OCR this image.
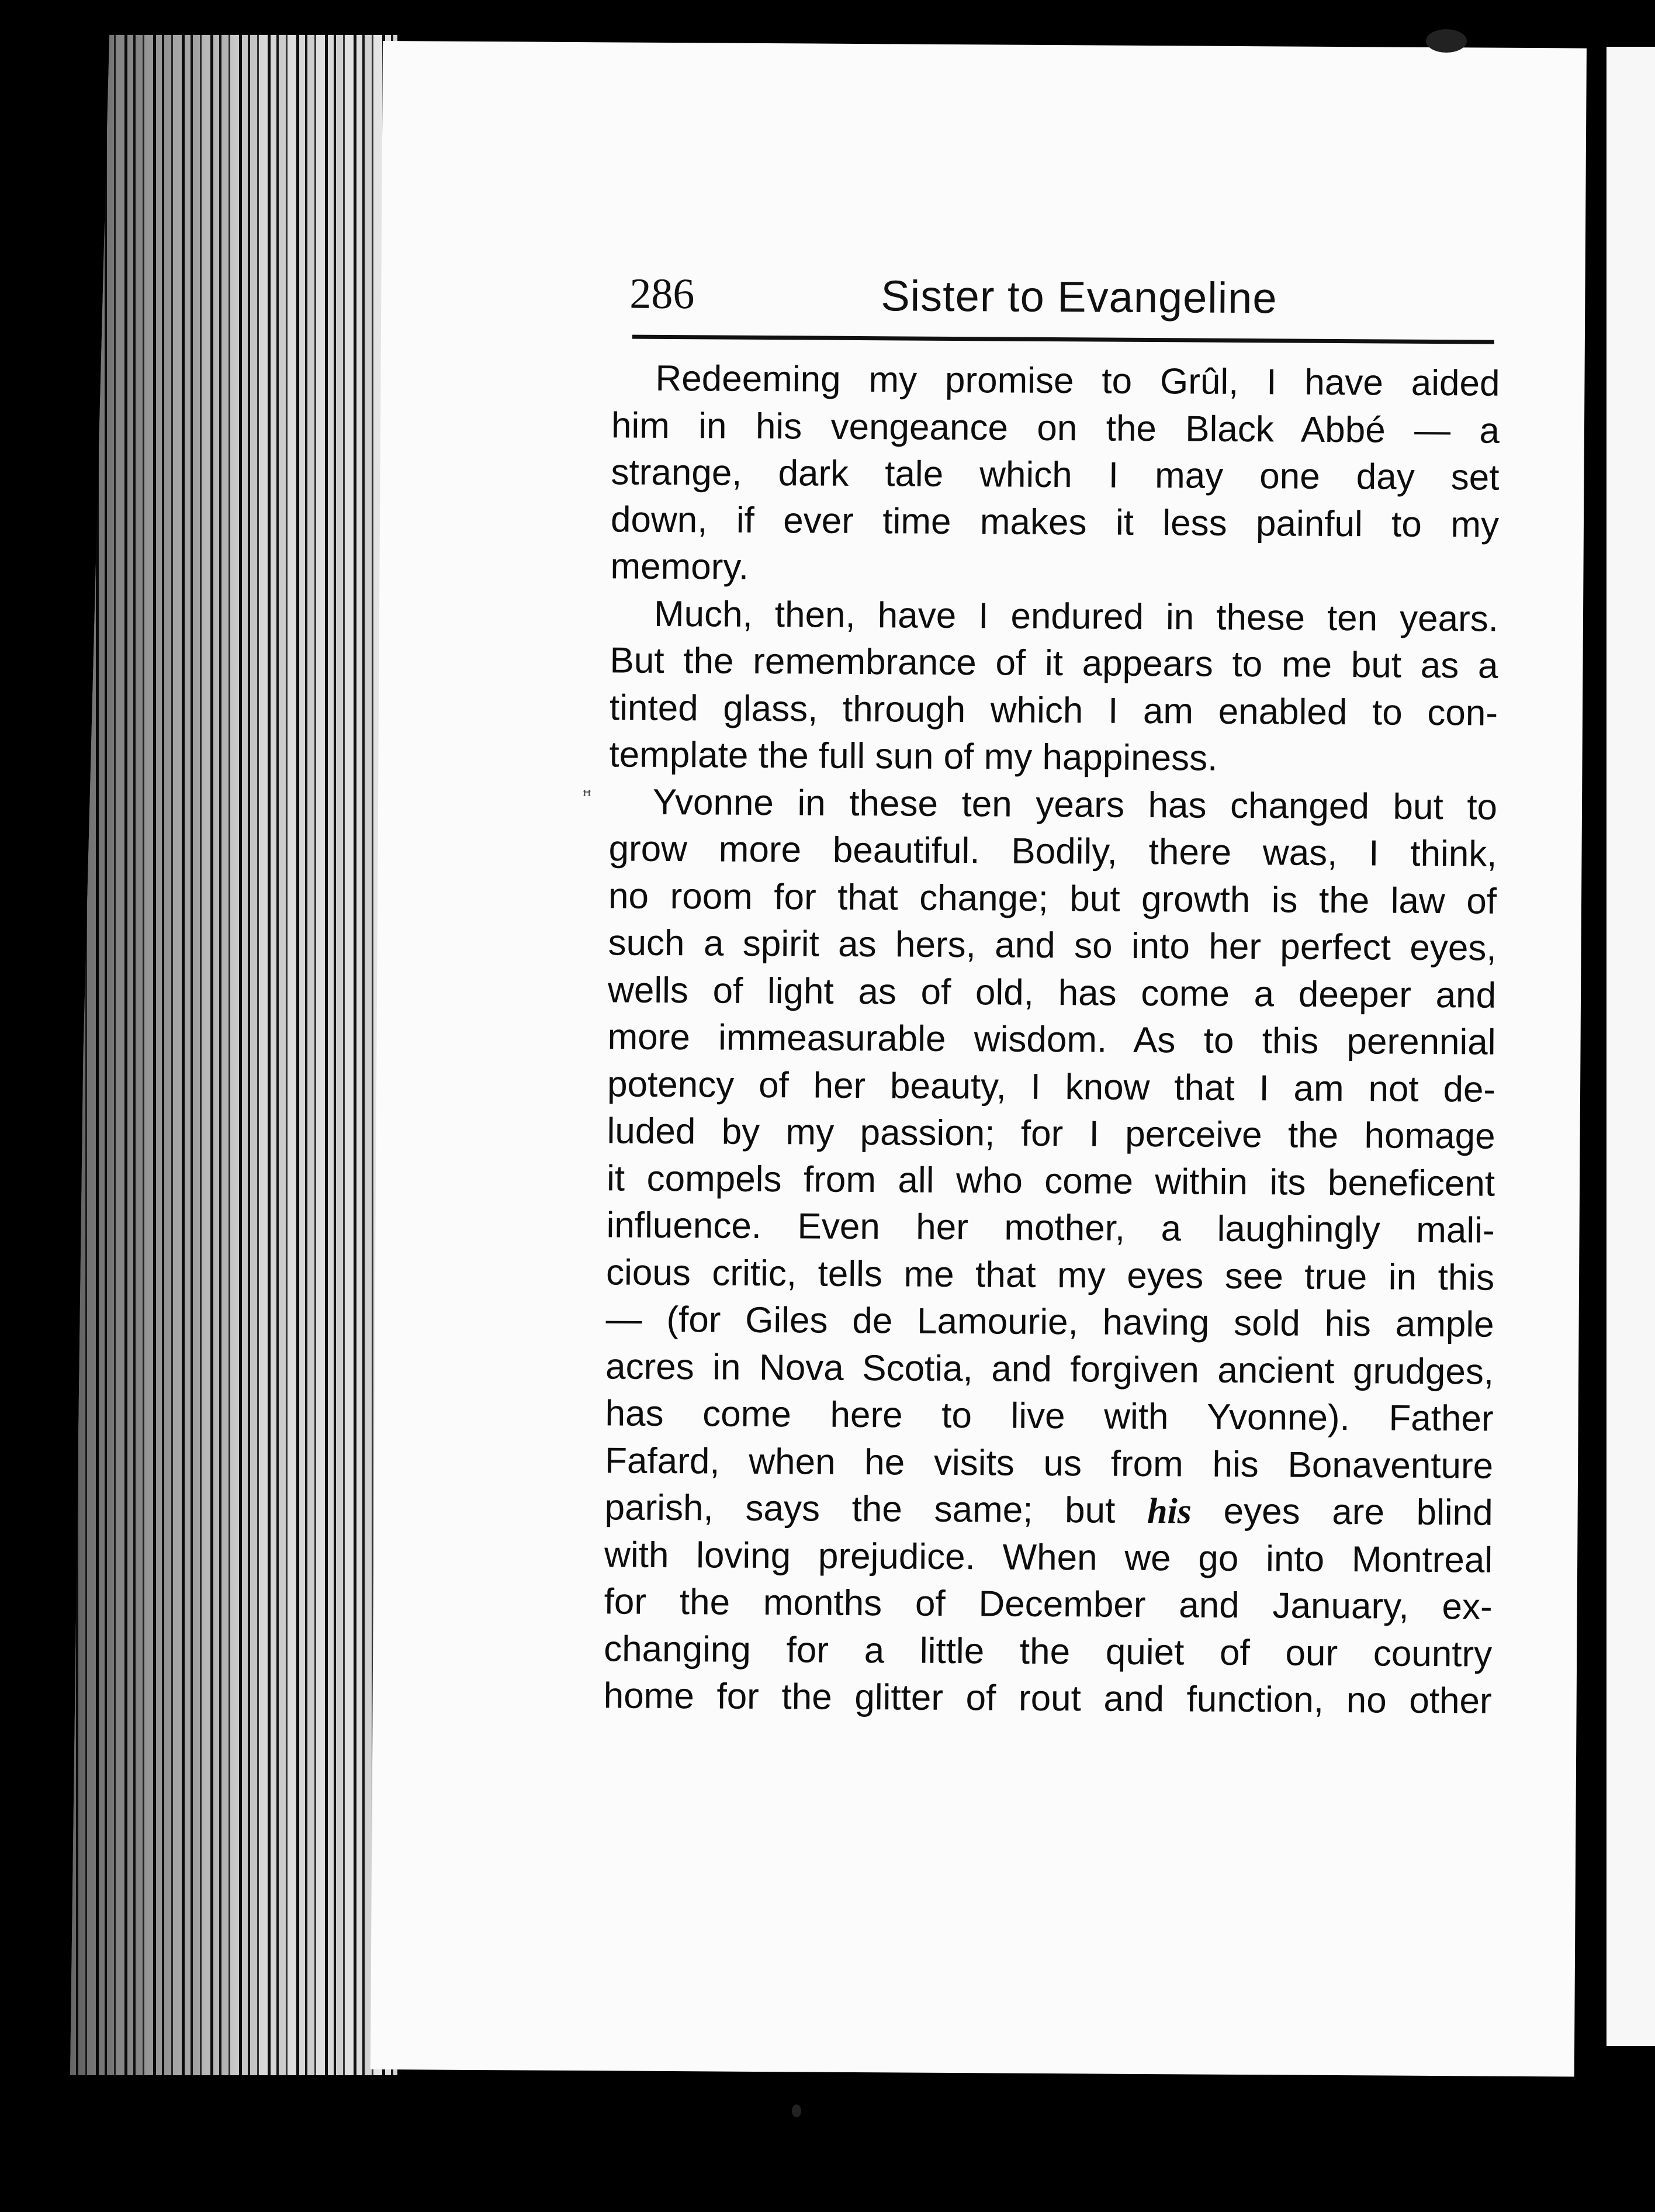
286	Sister to Evangeline
ꟸ
Redeeming my promise to Grûl, I have aided
him in his vengeance on the Black Abbé — a
strange, dark tale which I may one day set
down, if ever time makes it less painful to my
memory.
Much, then, have I endured in these ten years.
But the remembrance of it appears to me but as a
tinted glass, through which I am enabled to con-
template the full sun of my happiness.
Yvonne in these ten years has changed but to
grow more beautiful. Bodily, there was, I think,
no room for that change; but growth is the law of
such a spirit as hers, and so into her perfect eyes,
wells of light as of old, has come a deeper and
more immeasurable wisdom. As to this perennial
potency of her beauty, I know that I am not de-
luded by my passion; for I perceive the homage
it compels from all who come within its beneficent
influence. Even her mother, a laughingly mali-
cious critic, tells me that my eyes see true in this
— (for Giles de Lamourie, having sold his ample
acres in Nova Scotia, and forgiven ancient grudges,
has come here to live with Yvonne). Father
Fafard, when he visits us from his Bonaventure
parish, says the same; but his eyes are blind
with loving prejudice. When we go into Montreal
for the months of December and January, ex-
changing for a little the quiet of our country
home for the glitter of rout and function, no other
